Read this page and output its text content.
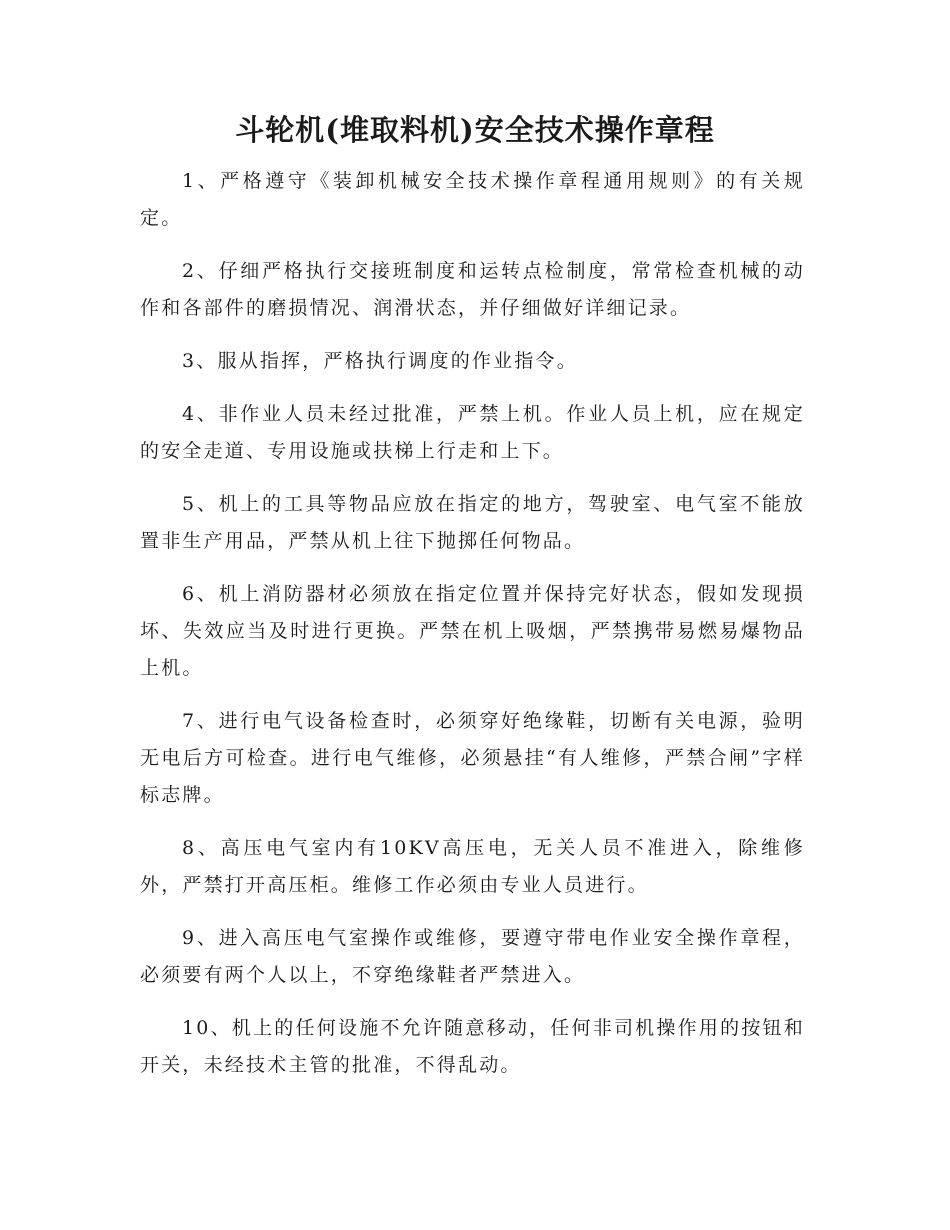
斗轮机(堆取料机)安全技术操作章程

1、严格遵守《装卸机械安全技术操作章程通用规则》的有关规定。

2、仔细严格执行交接班制度和运转点检制度，常常检查机械的动作和各部件的磨损情况、润滑状态，并仔细做好详细记录。

3、服从指挥，严格执行调度的作业指令。

4、非作业人员未经过批准，严禁上机。作业人员上机，应在规定的安全走道、专用设施或扶梯上行走和上下。

5、机上的工具等物品应放在指定的地方，驾驶室、电气室不能放置非生产用品，严禁从机上往下抛掷任何物品。

6、机上消防器材必须放在指定位置并保持完好状态，假如发现损坏、失效应当及时进行更换。严禁在机上吸烟，严禁携带易燃易爆物品上机。

7、进行电气设备检查时，必须穿好绝缘鞋，切断有关电源，验明无电后方可检查。进行电气维修，必须悬挂“有人维修，严禁合闸”字样标志牌。

8、高压电气室内有10KV高压电，无关人员不准进入，除维修外，严禁打开高压柜。维修工作必须由专业人员进行。

9、进入高压电气室操作或维修，要遵守带电作业安全操作章程，必须要有两个人以上，不穿绝缘鞋者严禁进入。

10、机上的任何设施不允许随意移动，任何非司机操作用的按钮和开关，未经技术主管的批准，不得乱动。
